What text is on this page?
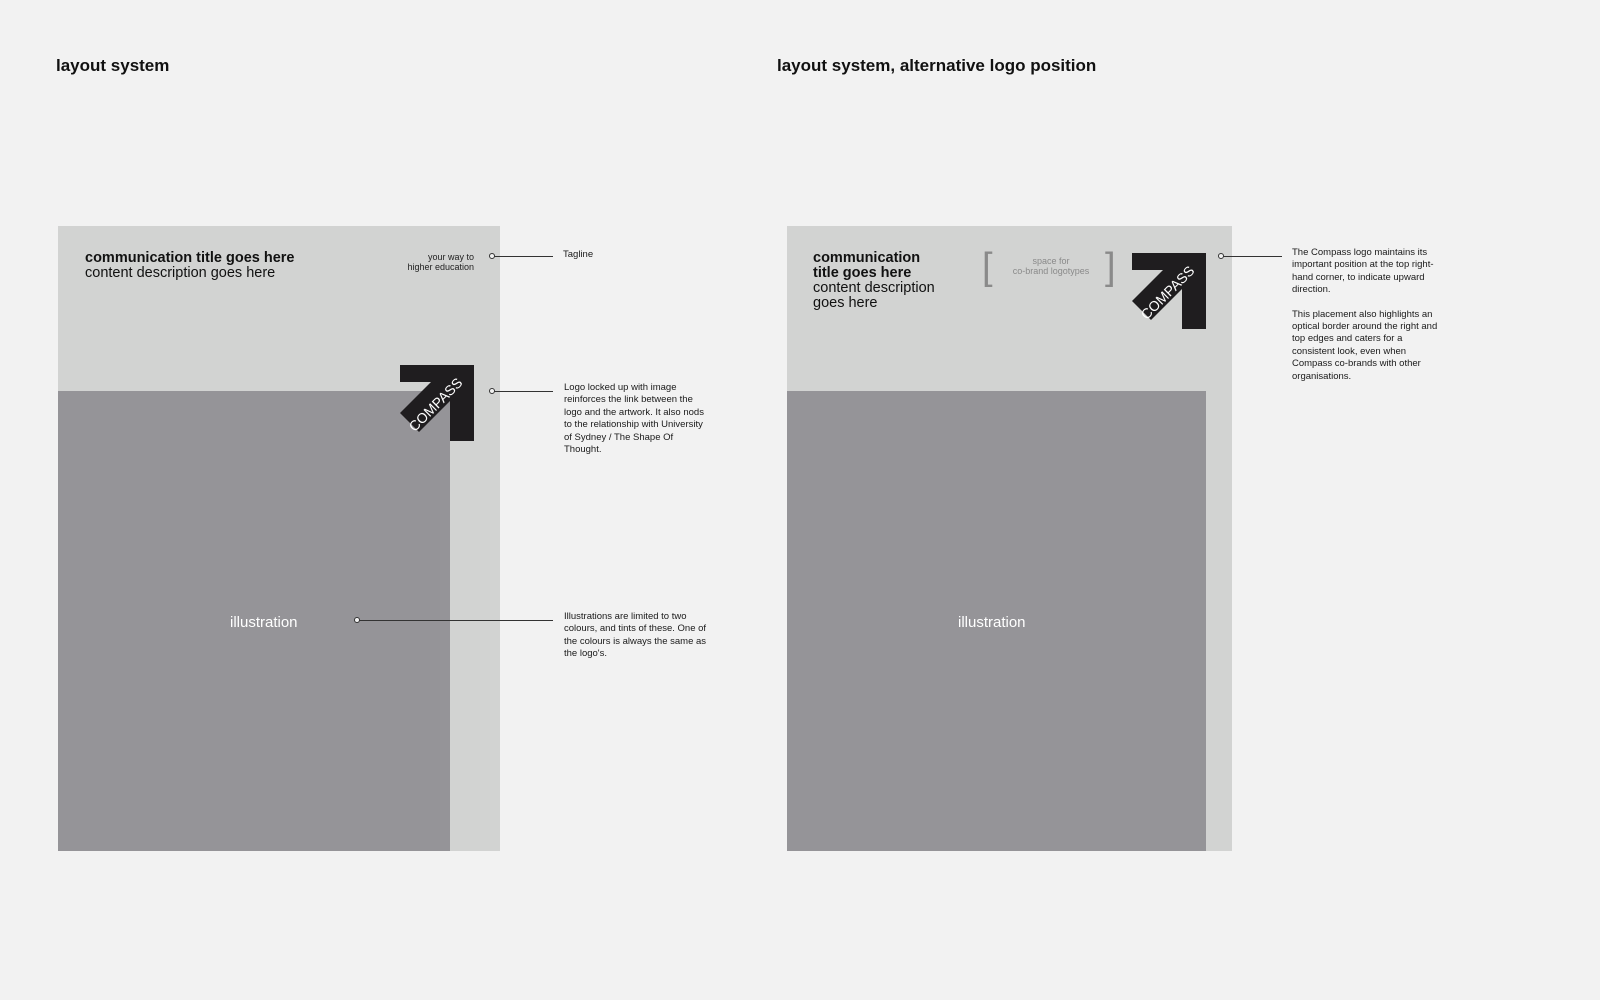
layout system
illustration
communication title goes here
content description goes here
your way to
higher education
COMPASS
Tagline
Logo locked up with image reinforces the link between the logo and the artwork. It also nods to the relationship with University of Sydney / The Shape Of Thought.
Illustrations are limited to two colours, and tints of these. One of the colours is always the same as the logo's.
layout system, alternative logo position
illustration
communication
title goes here
content description
goes here
[	]
space for
co-brand logotypes	COMPASS
The Compass logo maintains its important position at the top right-hand corner, to indicate upward direction.
This placement also highlights an optical border around the right and top edges and caters for a consistent look, even when Compass co-brands with other organisations.
